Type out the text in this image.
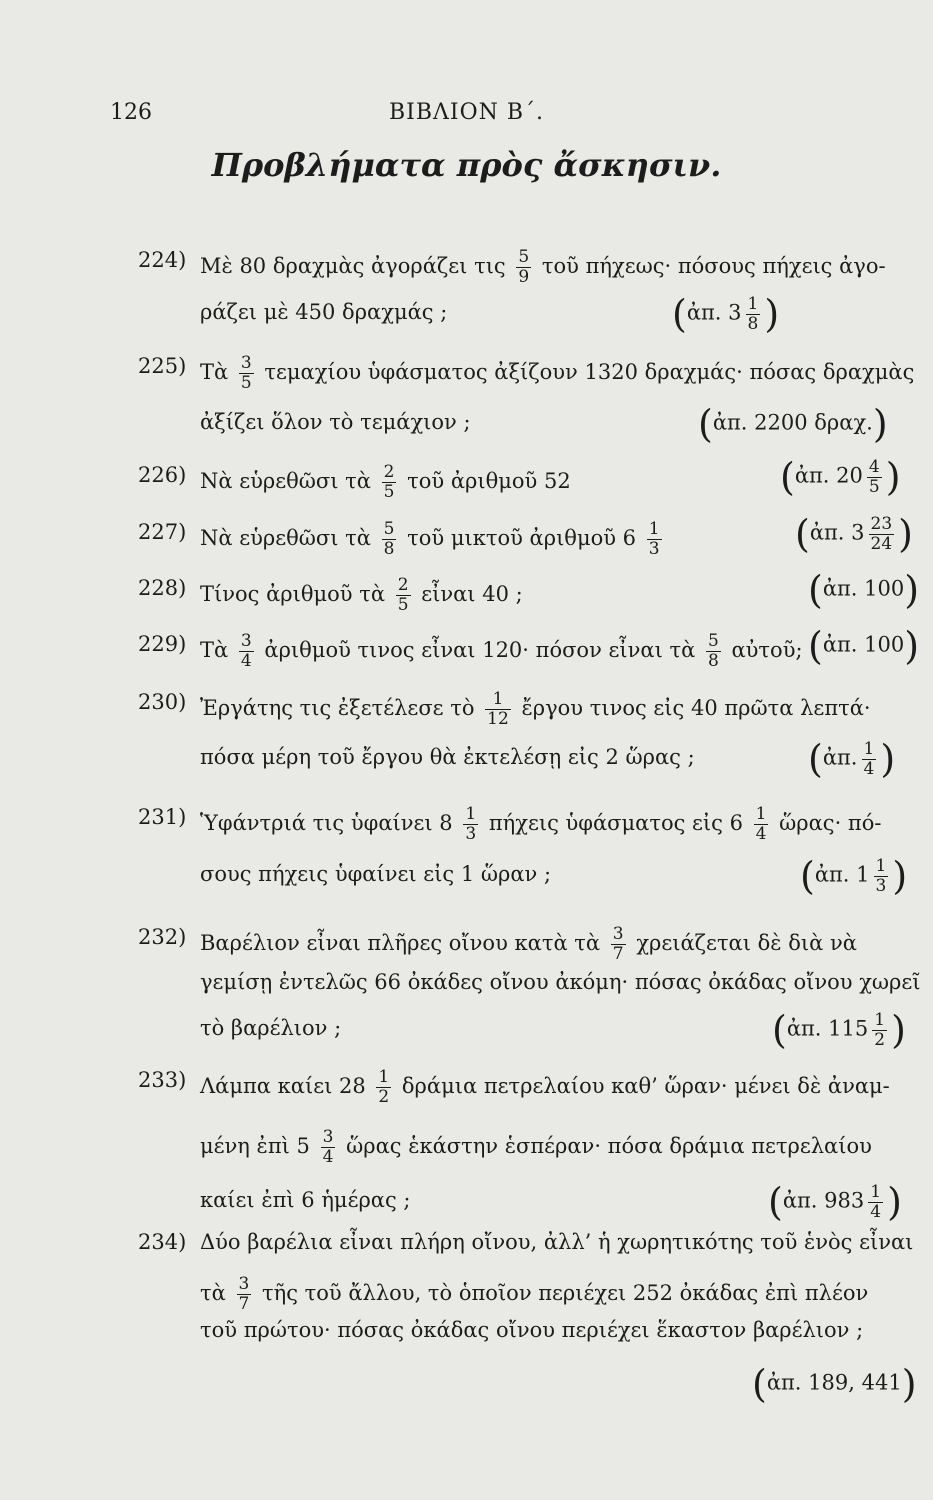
126	ΒΙΒΛΙΟΝ Β΄.
Προβλήματα πρὸς ἄσκησιν.
224) Μὲ 80 δραχμὰς ἀγοράζει τις $\frac{5}{9}$ τοῦ πήχεως· πόσους πήχεις ἀγο-
ράζει μὲ 450 δραχμάς ;	(ἀπ. $3 \frac{1}{8}$ )
225) Τὰ $\frac{3}{5}$ τεμαχίου ὑφάσματος ἀξίζουν 1320 δραχμάς· πόσας δραχμὰς
ἀξίζει ὅλον τὸ τεμάχιον ;	(ἀπ. 2200 δραχ.)
226) Νὰ εὑρεθῶσι τὰ $\frac{2}{5}$ τοῦ ἀριθμοῦ 52	(ἀπ. $20 \frac{4}{5}$ )
227) Νὰ εὑρεθῶσι τὰ $\frac{5}{8}$ τοῦ μικτοῦ ἀριθμοῦ $6 \frac{1}{3}$	(ἀπ. $3 \frac{23}{24}$ )
228) Τίνος ἀριθμοῦ τὰ $\frac{2}{5}$ εἶναι 40 ;	(ἀπ. 100)
229) Τὰ $\frac{3}{4}$ ἀριθμοῦ τινος εἶναι 120· πόσον εἶναι τὰ $\frac{5}{8}$ αὐτοῦ; (ἀπ. 100)
230) Ἐργάτης τις ἐξετέλεσε τὸ $\frac{1}{12}$ ἔργου τινος εἰς 40 πρῶτα λεπτά·
πόσα μέρη τοῦ ἔργου θὰ ἐκτελέσῃ εἰς 2 ὥρας ;	(ἀπ. $\frac{1}{4}$ )
231) Ὑφάντριά τις ὑφαίνει $8 \frac{1}{3}$ πήχεις ὑφάσματος εἰς $6 \frac{1}{4}$ ὥρας· πό-
σους πήχεις ὑφαίνει εἰς 1 ὥραν ;	(ἀπ. $1 \frac{1}{3}$ )
232) Βαρέλιον εἶναι πλῆρες οἴνου κατὰ τὰ $\frac{3}{7}$ χρειάζεται δὲ διὰ νὰ
γεμίσῃ ἐντελῶς 66 ὀκάδες οἴνου ἀκόμη· πόσας ὀκάδας οἴνου χωρεῖ
τὸ βαρέλιον ;	(ἀπ. $115 \frac{1}{2}$ )
233) Λάμπα καίει $28 \frac{1}{2}$ δράμια πετρελαίου καθ’ ὥραν· μένει δὲ ἀναμ-
μένη ἐπὶ $5 \frac{3}{4}$ ὥρας ἑκάστην ἑσπέραν· πόσα δράμια πετρελαίου
καίει ἐπὶ 6 ἡμέρας ;	(ἀπ. $983 \frac{1}{4}$ )
234) Δύο βαρέλια εἶναι πλήρη οἴνου, ἀλλ’ ἡ χωρητικότης τοῦ ἑνὸς εἶναι
τὰ $\frac{3}{7}$ τῆς τοῦ ἄλλου, τὸ ὁποῖον περιέχει 252 ὀκάδας ἐπὶ πλέον
τοῦ πρώτου· πόσας ὀκάδας οἴνου περιέχει ἕκαστον βαρέλιον ;
(ἀπ. 189, 441)
